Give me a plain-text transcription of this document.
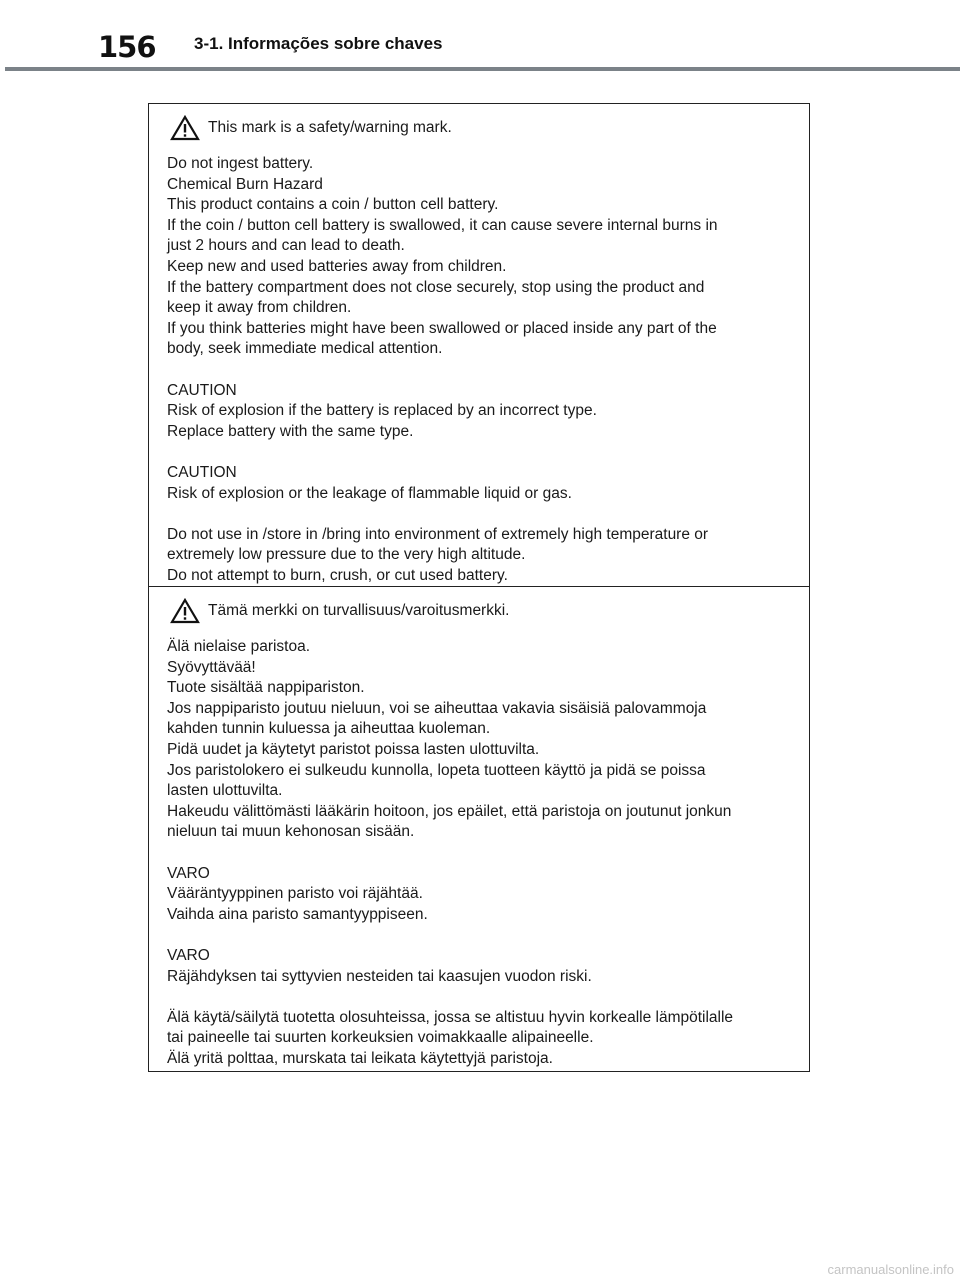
156 3-1. Informações sobre chaves
This mark is a safety/warning mark.
Do not ingest battery.
Chemical Burn Hazard
This product contains a coin / button cell battery.
If the coin / button cell battery is swallowed, it can cause severe internal burns in
just 2 hours and can lead to death.
Keep new and used batteries away from children.
If the battery compartment does not close securely, stop using the product and
keep it away from children.
If you think batteries might have been swallowed or placed inside any part of the
body, seek immediate medical attention.
CAUTION
Risk of explosion if the battery is replaced by an incorrect type.
Replace battery with the same type.
CAUTION
Risk of explosion or the leakage of flammable liquid or gas.
Do not use in /store in /bring into environment of extremely high temperature or
extremely low pressure due to the very high altitude.
Do not attempt to burn, crush, or cut used battery.
Tämä merkki on turvallisuus/varoitusmerkki.
Älä nielaise paristoa.
Syövyttävää!
Tuote sisältää nappipariston.
Jos nappiparisto joutuu nieluun, voi se aiheuttaa vakavia sisäisiä palovammoja
kahden tunnin kuluessa ja aiheuttaa kuoleman.
Pidä uudet ja käytetyt paristot poissa lasten ulottuvilta.
Jos paristolokero ei sulkeudu kunnolla, lopeta tuotteen käyttö ja pidä se poissa
lasten ulottuvilta.
Hakeudu välittömästi lääkärin hoitoon, jos epäilet, että paristoja on joutunut jonkun
nieluun tai muun kehonosan sisään.
VARO
Vääräntyyppinen paristo voi räjähtää.
Vaihda aina paristo samantyyppiseen.
VARO
Räjähdyksen tai syttyvien nesteiden tai kaasujen vuodon riski.
Älä käytä/säilytä tuotetta olosuhteissa, jossa se altistuu hyvin korkealle lämpötilalle
tai paineelle tai suurten korkeuksien voimakkaalle alipaineelle.
Älä yritä polttaa, murskata tai leikata käytettyjä paristoja.
carmanualsonline.info
